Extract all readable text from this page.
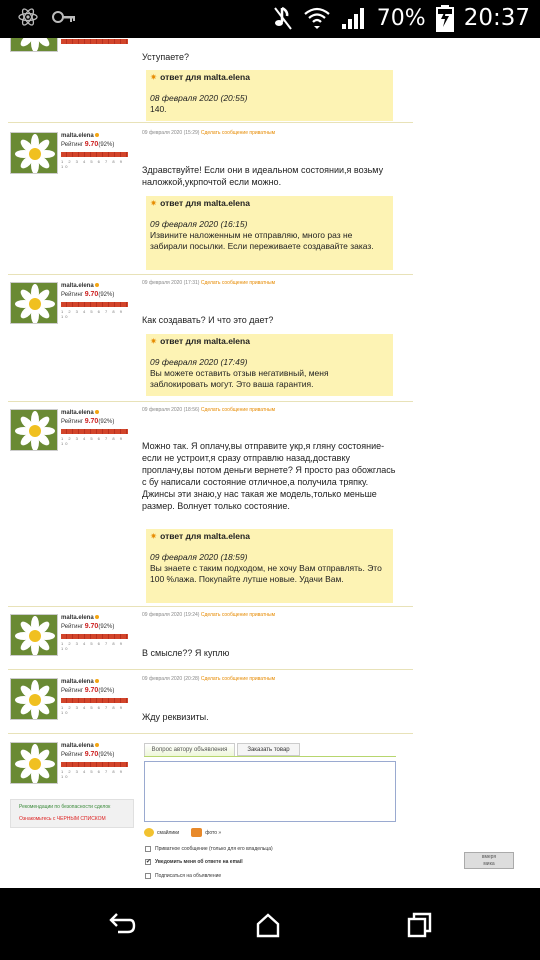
70% 20:37
Уступаете?
✷ ответ для malta.elena
08 февраля 2020 (20:55)
140.
malta.elena
Рейтинг 9.70(92%)
1 2 3 4 5 6 7 8 9 10
09 февраля 2020 (15:29) Сделать сообщение приватным
Здравствуйте! Если они в идеальном состоянии,я возьму наложкой,укрпочтой если можно.
✷ ответ для malta.elena
09 февраля 2020 (16:15)
Извините наложенным не отправляю, много раз не забирали посылки. Если переживаете создавайте заказ.
malta.elena
Рейтинг 9.70(92%)
1 2 3 4 5 6 7 8 9 10
09 февраля 2020 (17:31) Сделать сообщение приватным
Как создавать? И что это дает?
✷ ответ для malta.elena
09 февраля 2020 (17:49)
Вы можете оставить отзыв негативный, меня заблокировать могут. Это ваша гарантия.
malta.elena
Рейтинг 9.70(92%)
1 2 3 4 5 6 7 8 9 10
09 февраля 2020 (18:56) Сделать сообщение приватным
Можно так. Я оплачу,вы отправите укр,я гляну состояние-если не устроит,я сразу отправлю назад,доставку проплачу,вы потом деньги вернете? Я просто раз обожглась с бу написали состояние отличное,а получила тряпку. Джинсы эти знаю,у нас такая же модель,только меньше размер. Волнует только состояние.
✷ ответ для malta.elena
09 февраля 2020 (18:59)
Вы знаете с таким подходом, не хочу Вам отправлять. Это 100 %лажа. Покупайте лутше новые. Удачи Вам.
malta.elena
Рейтинг 9.70(92%)
1 2 3 4 5 6 7 8 9 10
09 февраля 2020 (19:24) Сделать сообщение приватным
В смысле?? Я куплю
malta.elena
Рейтинг 9.70(92%)
1 2 3 4 5 6 7 8 9 10
09 февраля 2020 (20:28) Сделать сообщение приватным
Жду реквизиты.
malta.elena
Рейтинг 9.70(92%)
1 2 3 4 5 6 7 8 9 10
Рекомендации по безопасности сделок
Ознакомьтесь с ЧЕРНЫМ СПИСКОМ
Вопрос автору объявления	Заказать товар
смайлики	фото »
Приватное сообщение (только для его владельца)
✔ Уведомить меня об ответе на email
Подписаться на объявление
вмеря
мика
